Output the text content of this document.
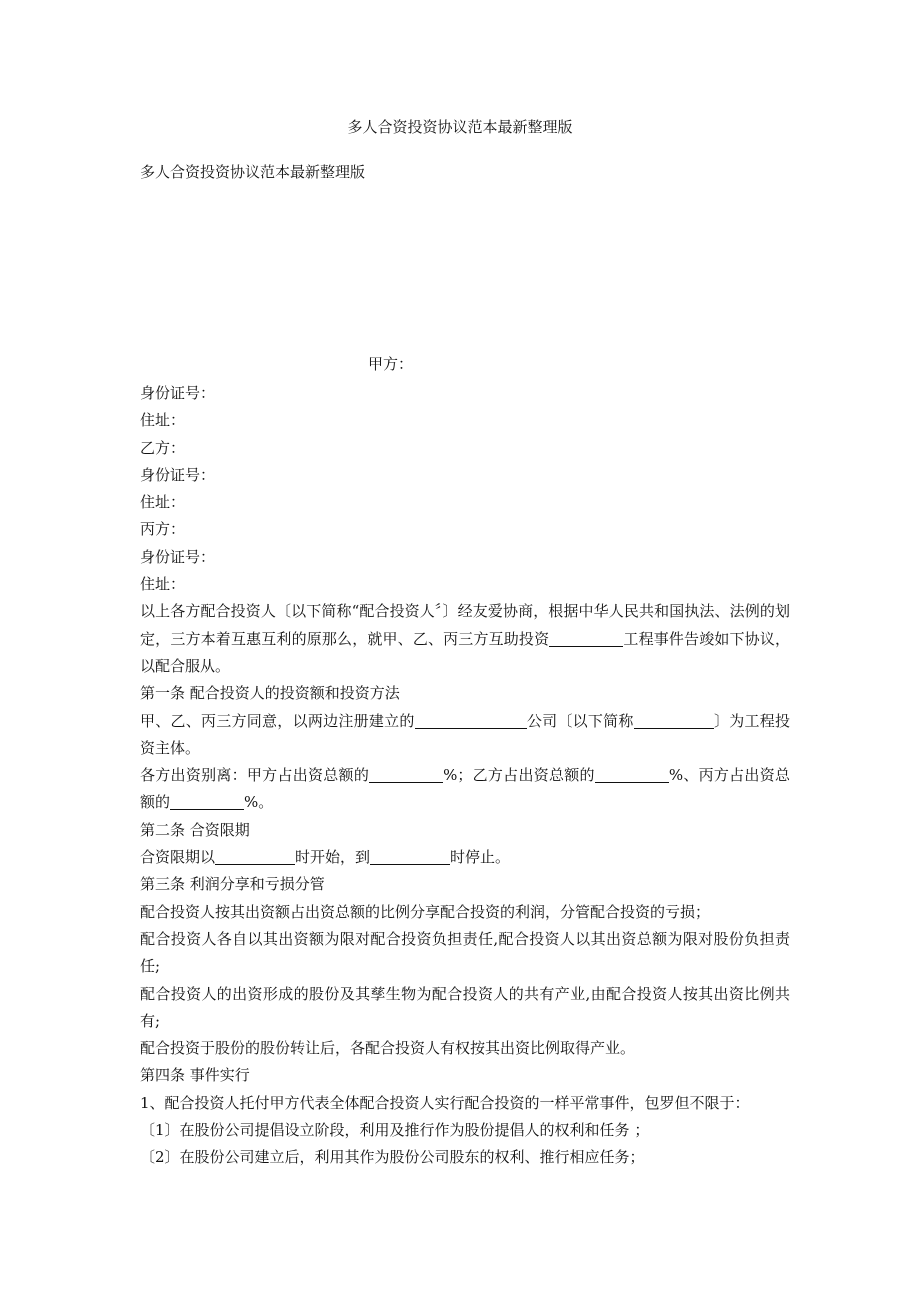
多人合资投资协议范本最新整理版
多人合资投资协议范本最新整理版
甲方：

身份证号：

住址：

乙方：

身份证号：

住址：

丙方：

身份证号：

住址：

以上各方配合投资人〔以下简称“配合投资人〞〕经友爱协商，根据中华人民共和国执法、法例的划定，三方本着互惠互利的原那么，就甲、乙、丙三方互助投资	工程事件告竣如下协议，以配合服从。

第一条 配合投资人的投资额和投资方法

甲、乙、丙三方同意，以两边注册建立的	公司〔以下简称	〕为工程投资主体。

各方出资别离：甲方占出资总额的	%；乙方占出资总额的	%、丙方占出资总额的	%。

第二条 合资限期

合资限期以	时开始，到	时停止。

第三条 利润分享和亏损分管

配合投资人按其出资额占出资总额的比例分享配合投资的利润，分管配合投资的亏损；

配合投资人各自以其出资额为限对配合投资负担责任,配合投资人以其出资总额为限对股份负担责任;

配合投资人的出资形成的股份及其孳生物为配合投资人的共有产业,由配合投资人按其出资比例共有;

配合投资于股份的股份转让后，各配合投资人有权按其出资比例取得产业。

第四条 事件实行

1、配合投资人托付甲方代表全体配合投资人实行配合投资的一样平常事件，包罗但不限于：

〔1〕在股份公司提倡设立阶段，利用及推行作为股份提倡人的权利和任务 ；

〔2〕在股份公司建立后，利用其作为股份公司股东的权利、推行相应任务；
